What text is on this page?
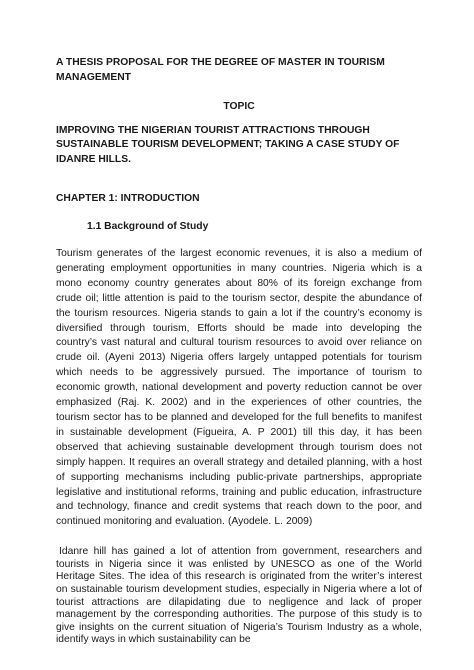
A THESIS PROPOSAL FOR THE DEGREE OF MASTER IN TOURISM MANAGEMENT

TOPIC

IMPROVING THE NIGERIAN TOURIST ATTRACTIONS THROUGH SUSTAINABLE TOURISM DEVELOPMENT; TAKING A CASE STUDY OF IDANRE HILLS.

CHAPTER 1: INTRODUCTION

1.1 Background of Study

Tourism generates of the largest economic revenues, it is also a medium of generating employment opportunities in many countries. Nigeria which is a mono economy country generates about 80% of its foreign exchange from crude oil; little attention is paid to the tourism sector, despite the abundance of the tourism resources. Nigeria stands to gain a lot if the country’s economy is diversified through tourism, Efforts should be made into developing the country’s vast natural and cultural tourism resources to avoid over reliance on crude oil. (Ayeni 2013) Nigeria offers largely untapped potentials for tourism which needs to be aggressively pursued. The importance of tourism to economic growth, national development and poverty reduction cannot be over emphasized (Raj. K. 2002) and in the experiences of other countries, the tourism sector has to be planned and developed for the full benefits to manifest in sustainable development (Figueira, A. P 2001) till this day, it has been observed that achieving sustainable development through tourism does not simply happen. It requires an overall strategy and detailed planning, with a host of supporting mechanisms including public-private partnerships, appropriate legislative and institutional reforms, training and public education, infrastructure and technology, finance and credit systems that reach down to the poor, and continued monitoring and evaluation. (Ayodele. L. 2009)

Idanre hill has gained a lot of attention from government, researchers and tourists in Nigeria since it was enlisted by UNESCO as one of the World Heritage Sites. The idea of this research is originated from the writer’s interest on sustainable tourism development studies, especially in Nigeria where a lot of tourist attractions are dilapidating due to negligence and lack of proper management by the corresponding authorities. The purpose of this study is to give insights on the current situation of Nigeria’s Tourism Industry as a whole, identify ways in which sustainability can be
